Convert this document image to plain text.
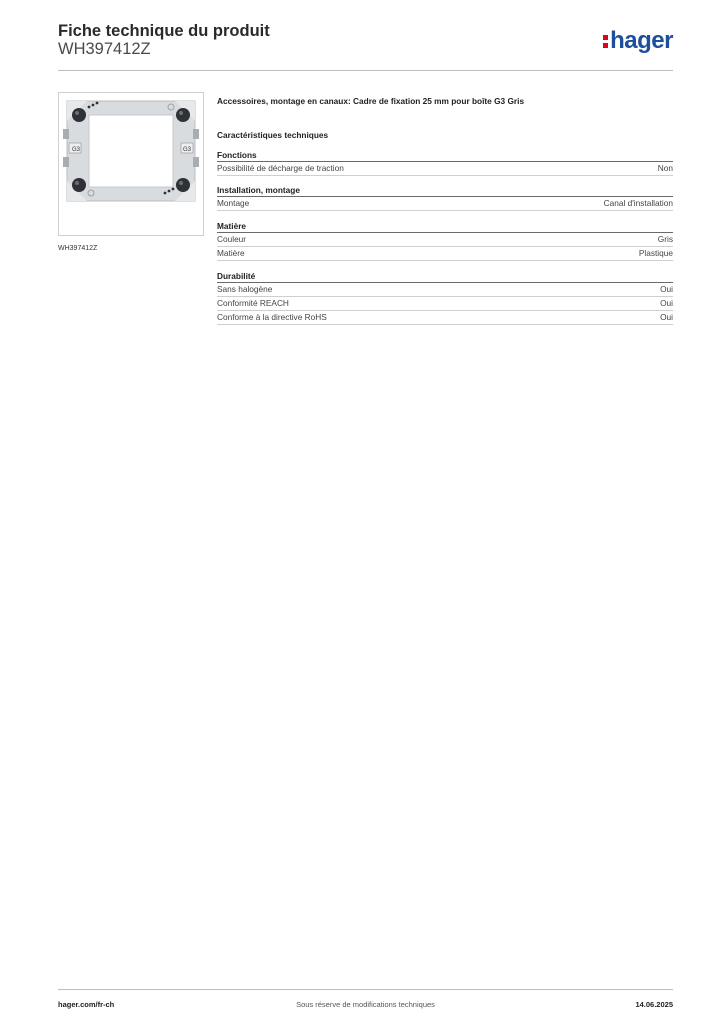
Fiche technique du produit
WH397412Z	hager
G3	G3
WH397412Z
Accessoires, montage en canaux: Cadre de fixation 25 mm pour boîte G3 Gris
Caractéristiques techniques
Fonctions
Possibilité de décharge de traction	Non
Installation, montage
Montage	Canal d'installation
Matière
Couleur	Gris
Matière	Plastique
Durabilité
Sans halogène	Oui
Conformité REACH	Oui
Conforme à la directive RoHS	Oui
hager.com/fr-ch	Sous réserve de modifications techniques	14.06.2025
